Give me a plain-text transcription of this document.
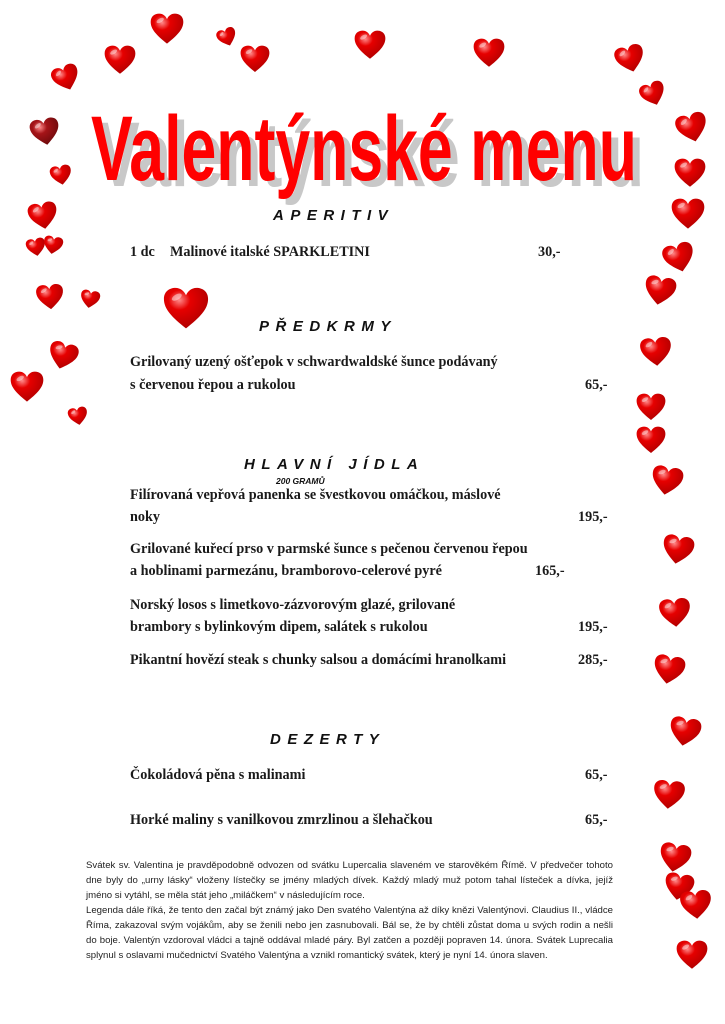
Valentýnské menu
Valentýnské menu
APERITIV
1 dc Malinové italské SPARKLETINI	30,-
PŘEDKRMY
Grilovaný uzený ošťepok v schwardwaldské šunce podávaný
s červenou řepou a rukolou	65,-
HLAVNÍ JÍDLA
200 GRAMŮ
Filírovaná vepřová panenka se švestkovou omáčkou, máslové
noky	195,-
Grilované kuřecí prso v parmské šunce s pečenou červenou řepou
a hoblinami parmezánu, bramborovo-celerové pyré	165,-
Norský losos s limetkovo-zázvorovým glazé, grilované
brambory s bylinkovým dipem, salátek s rukolou	195,-
Pikantní hovězí steak s chunky salsou a domácími hranolkami	285,-
DEZERTY
Čokoládová pěna s malinami	65,-
Horké maliny s vanilkovou zmrzlinou a šlehačkou	65,-

Svátek sv. Valentina je pravděpodobně odvozen od svátku Lupercalia slaveném ve starověkém Římě. V předvečer tohoto dne byly do „urny lásky“ vloženy lístečky se jmény mladých dívek. Každý mladý muž potom tahal lísteček a dívka, jejíž jméno si vytáhl, se měla stát jeho „miláčkem“ v následujícím roce.

Legenda dále říká, že tento den začal být známý jako Den svatého Valentýna až díky knězi Valentýnovi. Claudius II., vládce Říma, zakazoval svým vojákům, aby se ženili nebo jen zasnubovali. Bál se, že by chtěli zůstat doma u svých rodin a nešli do boje. Valentýn vzdoroval vládci a tajně oddával mladé páry. Byl zatčen a později popraven 14. února. Svátek Luprecalia splynul s oslavami mučednictví Svatého Valentýna a vznikl romantický svátek, který je nyní 14. února slaven.
